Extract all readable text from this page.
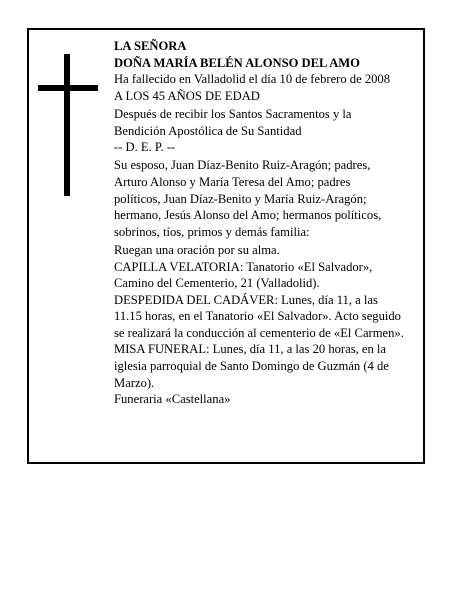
LA SEÑORA
DOÑA MARÍA BELÉN ALONSO DEL AMO
Ha fallecido en Valladolid el día 10 de febrero de 2008
A LOS 45 AÑOS DE EDAD
Después de recibir los Santos Sacramentos y la
Bendición Apostólica de Su Santidad
-- D. E. P. --
Su esposo, Juan Díaz-Benito Ruiz-Aragón; padres,
Arturo Alonso y María Teresa del Amo; padres
políticos, Juan Díaz-Benito y María Ruiz-Aragón;
hermano, Jesús Alonso del Amo; hermanos políticos,
sobrinos, tíos, primos y demás familia:
Ruegan una oración por su alma.
CAPILLA VELATORIA: Tanatorio «El Salvador»,
Camino del Cementerio, 21 (Valladolid).
DESPEDIDA DEL CADÁVER: Lunes, día 11, a las
11.15 horas, en el Tanatorio «El Salvador». Acto seguido
se realizará la conducción al cementerio de «El Carmen».
MISA FUNERAL: Lunes, día 11, a las 20 horas, en la
iglesia parroquial de Santo Domingo de Guzmán (4 de
Marzo).
Funeraria «Castellana»
